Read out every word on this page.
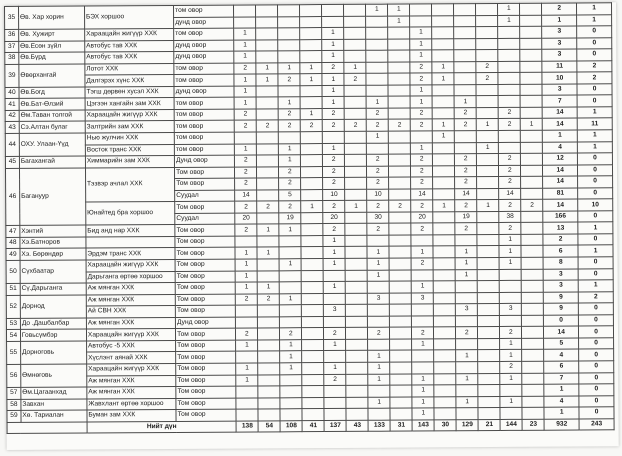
35	Өв. Хар хорин	БЭХ хоршоо	том овор							1	1					1		2	1
			дунд овор								1					1		1	1
36	Өв. Хужирт	Хараацайн жигүүр ХХК	том овор	1				1				1						3	0
37	Өв.Есөн зүйл	Автобус тав ХХК	дунд овор	1				1				1						3	0
38	Өв.Бүрд	Автобус тав ХХК	дунд овор	1				1				1						3	0
39	Өвөрхангай	Лотот ХХК	том овор	2	1	1	1	2	1			2	1		2			11	2
		Далгэрэх хүнс ХХК	том овор	1	1	2	1	1	2			2	1		2			10	2
40	Өв.Богд	Тэгш дөрвөн хусэл ХХК	дунд овор	1				1				1						3	0
41	Өв.Бат-Өлзий	Цэгээн хангайн зам ХХК	том овор	1		1		1		1		1		1				7	0
42	Өм.Таван толгой	Хараацайн жигүүр ХХК	том овор	2		2	1	2		2		2		2		2		14	1
43	Сэ.Алтан булаг	Залтрийн зам ХХК	том овор	2	2	2	2	2	2	2	2	2	1	2	1	2	1	14	11
44	ОХУ. Улаан-Үүд	Нью жулчин ХХК	том овор							1			1					1	1
		Восток транс ХХК	том овор	1		1		1				1			1			4	1
45	Багахангай	Химмарийн зам ХХК	Дунд овор	2		1		2		2		2		2		2		12	0
46	Багануур	Тэзвэр ачлал ХХК	Том овор	2		2		2		2		2		2		2		14	0
			Том овор	2		2		2		2		2		2		2		14	0
			Суудал	14		5		10		10		14		14		14		81	0
		Юнайтед бра хоршоо	Том овор	2	2	2	1	2	1	2	2	2	1	2	1	2	2	14	10
			Суудал	20		19		20		30		20		19		38		166	0
47	Хэнтий	Бид анд нар ХХК	Том овор	2	1	1		2		2		2		2		2		13	1
48	Хэ.Батноров		Том овор					1								1		2	0
49	Хэ. Бөрөндөр	Эрдэм транс ХХК	Том овор	1	1			1		1		1		1		1		6	1
50	Сүхбаатар	Хараацайн жигүүр ХХК	Том овор	1		1		1		1		2		1		1		8	0
		Дарьганга өртөө хоршоо	Том овор	1						1				1				3	0
51	Сү.Дарьганга	Аж мянган ХХК	Том овор	1	1			1				1						3	1
52	Дорнод	Аж мянган ХХК	Том овор	2	2	1				3		3						9	2
		Ай СВН ХХК	Том овор					3						3		3		9	0
53	До .Дашбалбар	Аж мянган ХХК	Дунд овор															0	0
54	Говьсүмбэр	Хараацайн жигүүр ХХК	Том овор	2		2		2		2		2		2		2		14	0
55	Дорноговь	Автобус -5 ХХК	Том овор	1		1		1				1				1		5	0
		Хүслэнт аянай ХХК	Том овор			1				1				1		1		4	0
56	Өмнөговь	Хараацайн жигүүр ХХК	Том овор	1		1		1		1						2		6	0
		Аж мянган ХХК	Том овор	1				2		1		1		1		1		7	0
57	Өм.Цагаанхад	Аж мянган ХХК	Том овор									1						1	0
58	Завхан	Жавхлант өртөө хоршоо	Том овор							1		1		1		1		4	0
59	Хө. Тариалан	Буман зам ХХК	Том овор									1						1	0
		Нийт дүн		138	54	108	41	137	43	133	31	143	30	129	21	144	23	932	243
